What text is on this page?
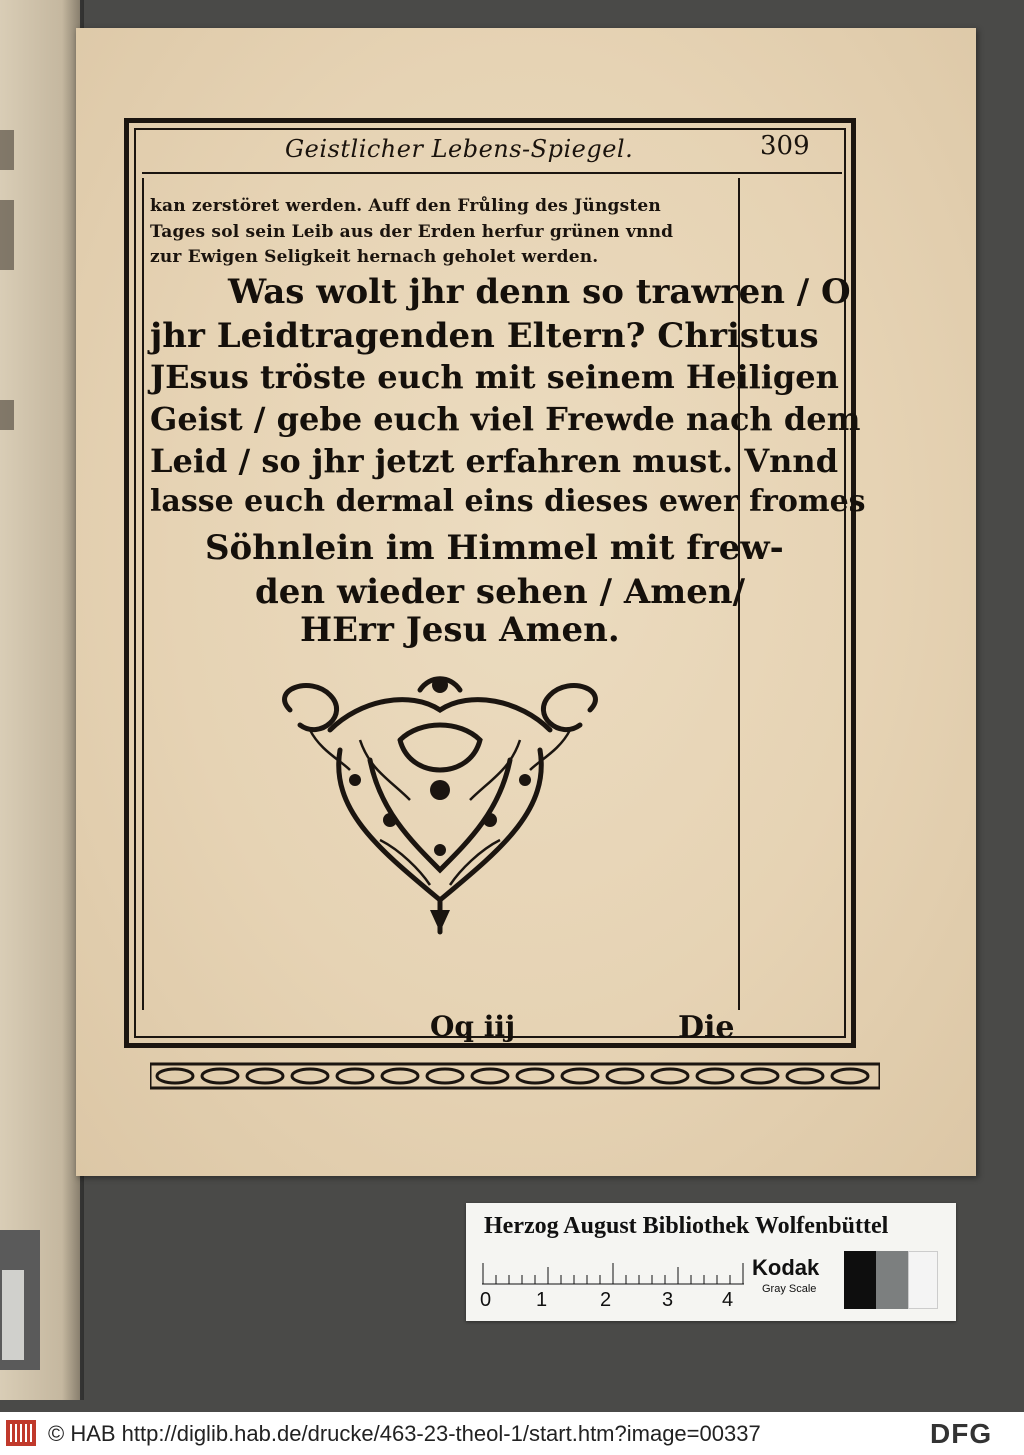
Geistlicher Lebens-Spiegel.	309
kan zerstöret werden. Auff den Frůling des Jüngsten
Tages sol sein Leib aus der Erden herfur grünen vnnd
zur Ewigen Seligkeit hernach geholet werden.
Was wolt jhr denn so trawren / O
jhr Leidtragenden Eltern? Christus
JEsus tröste euch mit seinem Heiligen
Geist / gebe euch viel Frewde nach dem
Leid / so jhr jetzt erfahren must. Vnnd
lasse euch dermal eins dieses ewer fromes
Söhnlein im Himmel mit frew-
den wieder sehen / Amen/
HErr Jesu Amen.
Oq iij	Die
Herzog August Bibliothek Wolfenbüttel
0 1	2	3 4
Kodak
Gray Scale
© HAB http://diglib.hab.de/drucke/463-23-theol-1/start.htm?image=00337	DFG
